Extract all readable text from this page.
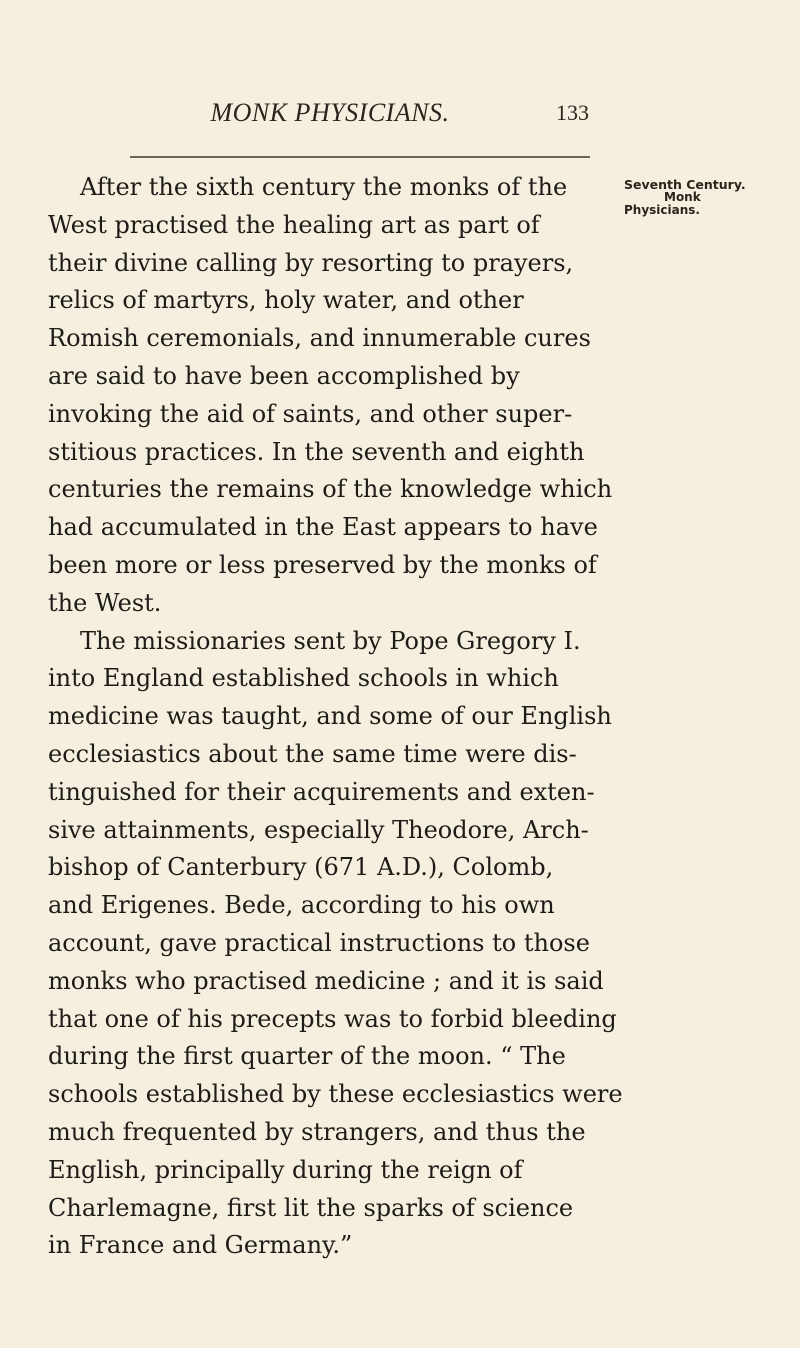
MONK PHYSICIANS.	133
Seventh Century.
Monk
Physicians.
After the sixth century the monks of the
West practised the healing art as part of
their divine calling by resorting to prayers,
relics of martyrs, holy water, and other
Romish ceremonials, and innumerable cures
are said to have been accomplished by
invoking the aid of saints, and other super-
stitious practices. In the seventh and eighth
centuries the remains of the knowledge which
had accumulated in the East appears to have
been more or less preserved by the monks of
the West.
The missionaries sent by Pope Gregory I.
into England established schools in which
medicine was taught, and some of our English
ecclesiastics about the same time were dis-
tinguished for their acquirements and exten-
sive attainments, especially Theodore, Arch-
bishop of Canterbury (671 A.D.), Colomb,
and Erigenes. Bede, according to his own
account, gave practical instructions to those
monks who practised medicine ; and it is said
that one of his precepts was to forbid bleeding
during the first quarter of the moon. “ The
schools established by these ecclesiastics were
much frequented by strangers, and thus the
English, principally during the reign of
Charlemagne, first lit the sparks of science
in France and Germany.”
